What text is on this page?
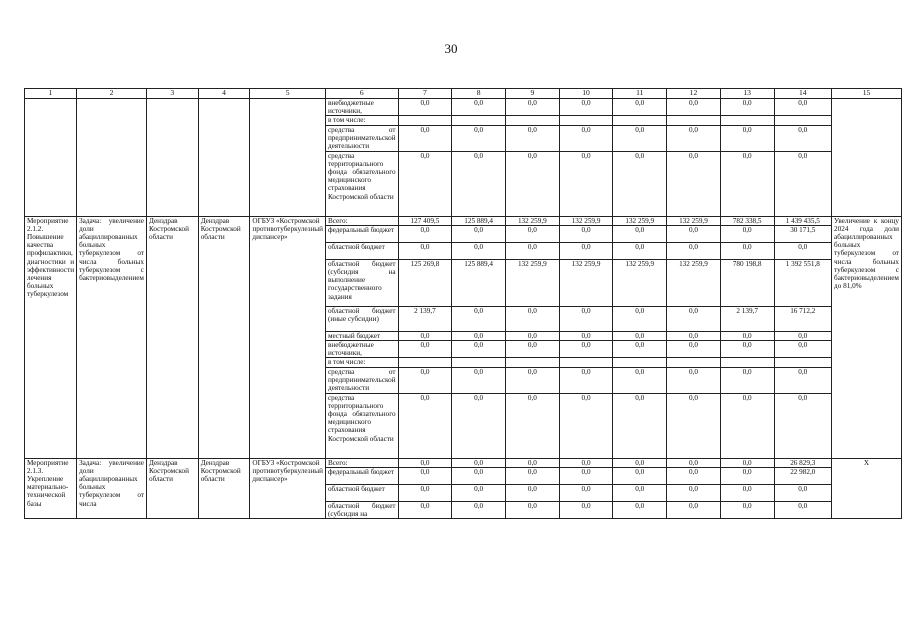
30
1	2	3	4	5	6	7	8	9	10	11	12	13	14	15
					внебюджетные источники,	0,0	0,0	0,0	0,0	0,0	0,0	0,0	0,0	
					в том числе:									
					средства от предпринимательской деятельности	0,0	0,0	0,0	0,0	0,0	0,0	0,0	0,0	
					средства территориального фонда обязательного медицинского страхования Костромской области	0,0	0,0	0,0	0,0	0,0	0,0	0,0	0,0	
Мероприятие 2.1.2. Повышение качества профилактики, диагностики и эффективности лечения больных туберкулезом	Задача: увеличение доли абациллированных больных туберкулезом от числа больных туберкулезом с бактериовыделением	Денздрав Костромской области	Денздрав Костромской области	ОГБУЗ «Костромской противотуберкулезный диспансер»	Всего:	127 409,5	125 889,4	132 259,9	132 259,9	132 259,9	132 259,9	782 338,5	1 439 435,5	Увеличение к концу 2024 года доли абациллированных больных туберкулезом от числа больных туберкулезом с бактериовыделением до 81,0%
					федеральный бюджет	0,0	0,0	0,0	0,0	0,0	0,0	0,0	30 171,5	
					областной бюджет	0,0	0,0	0,0	0,0	0,0	0,0	0,0	0,0	
					областной бюджет (субсидия на выполнение государственного задания	125 269,8	125 889,4	132 259,9	132 259,9	132 259,9	132 259,9	780 198,8	1 392 551,8	
					областной бюджет (иные субсидии)	2 139,7	0,0	0,0	0,0	0,0	0,0	2 139,7	16 712,2	
					местный бюджет	0,0	0,0	0,0	0,0	0,0	0,0	0,0	0,0	
					внебюджетные источники,	0,0	0,0	0,0	0,0	0,0	0,0	0,0	0,0	
					в том числе:									
					средства от предпринимательской деятельности	0,0	0,0	0,0	0,0	0,0	0,0	0,0	0,0	
					средства территориального фонда обязательного медицинского страхования Костромской области	0,0	0,0	0,0	0,0	0,0	0,0	0,0	0,0	
Мероприятие 2.1.3. Укрепление материально-технической базы	Задача: увеличение доли абациллированных больных туберкулезом от числа	Денздрав Костромской области	Денздрав Костромской области	ОГБУЗ «Костромской противотуберкулезный диспансер»	Всего:	0,0	0,0	0,0	0,0	0,0	0,0	0,0	26 829,3	Х
					федеральный бюджет	0,0	0,0	0,0	0,0	0,0	0,0	0,0	22 982,0	
					областной бюджет	0,0	0,0	0,0	0,0	0,0	0,0	0,0	0,0	
					областной бюджет (субсидия на	0,0	0,0	0,0	0,0	0,0	0,0	0,0	0,0	
